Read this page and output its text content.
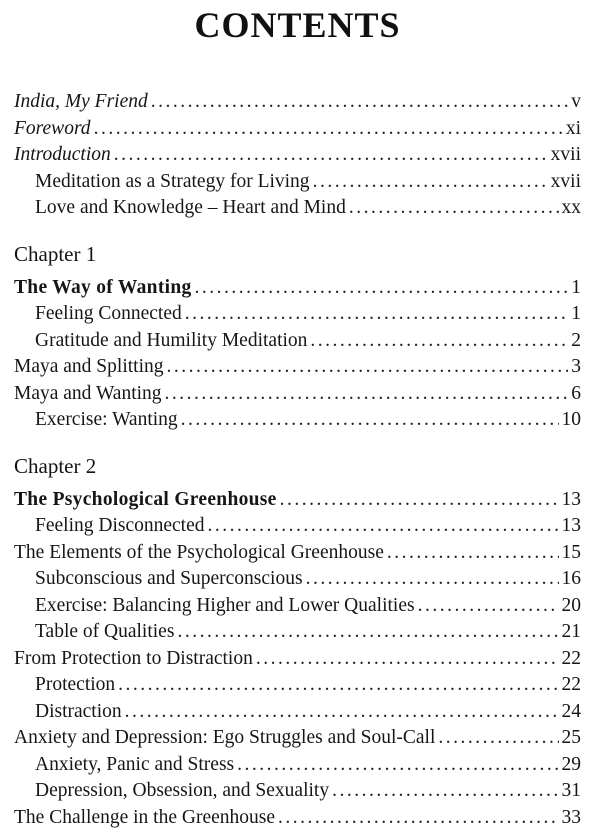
CONTENTS
India, My Friend .....	v
Foreword .....	xi
Introduction .....	xvii
Meditation as a Strategy for Living .....	xvii
Love and Knowledge – Heart and Mind .....	xx
Chapter 1
The Way of Wanting .....	1
Feeling Connected .....	1
Gratitude and Humility Meditation .....	2
Maya and Splitting .....	3
Maya and Wanting .....	6
Exercise: Wanting .....	10
Chapter 2
The Psychological Greenhouse .....	13
Feeling Disconnected .....	13
The Elements of the Psychological Greenhouse .....	15
Subconscious and Superconscious .....	16
Exercise: Balancing Higher and Lower Qualities .....	20
Table of Qualities .....	21
From Protection to Distraction .....	22
Protection .....	22
Distraction .....	24
Anxiety and Depression: Ego Struggles and Soul-Call .....	25
Anxiety, Panic and Stress .....	29
Depression, Obsession, and Sexuality .....	31
The Challenge in the Greenhouse .....	33
